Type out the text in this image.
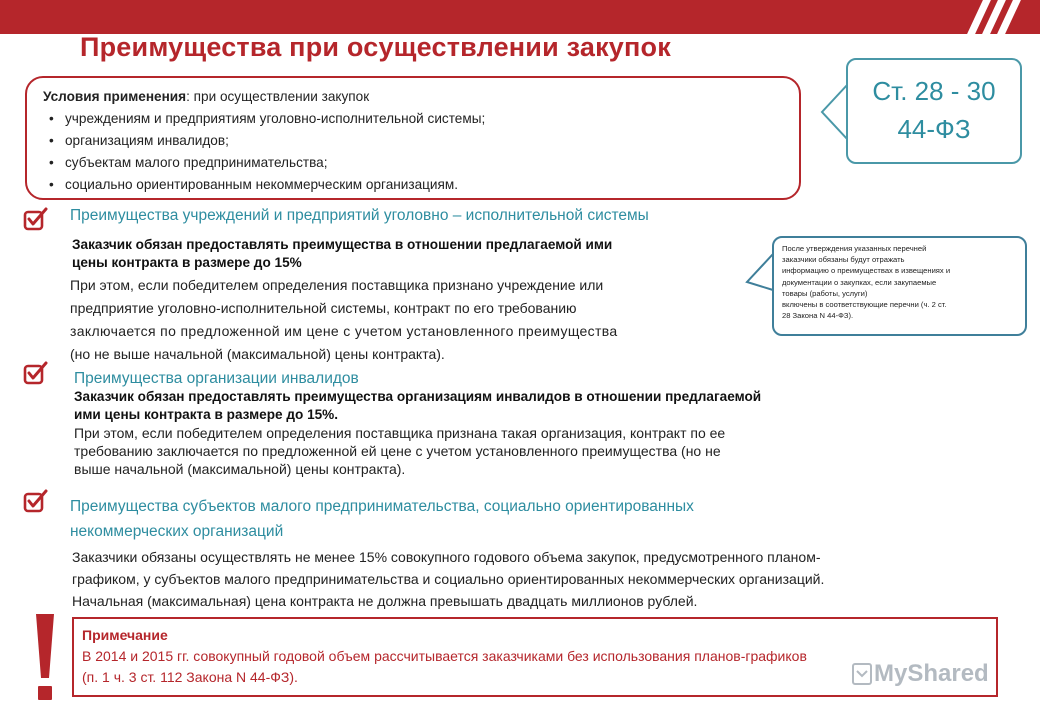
Преимущества при осуществлении закупок
Условия применения: при осуществлении закупок
• учреждениям и предприятиям уголовно-исполнительной системы;
• организациям инвалидов;
• субъектам малого предпринимательства;
• социально ориентированным некоммерческим организациям.
Ст. 28 - 30
44-ФЗ
Преимущества учреждений и предприятий уголовно – исполнительной системы
Заказчик обязан предоставлять преимущества в отношении предлагаемой ими
цены контракта в размере до 15%
При этом, если победителем определения поставщика признано учреждение или
предприятие уголовно-исполнительной системы, контракт по его требованию
заключается по предложенной им цене с учетом установленного преимущества
(но не выше начальной (максимальной) цены контракта).
После утверждения указанных перечней
заказчики обязаны будут отражать
информацию о преимуществах в извещениях и
документации о закупках, если закупаемые
товары (работы, услуги)
включены в соответствующие перечни (ч. 2 ст.
28 Закона N 44-ФЗ).
Преимущества организации инвалидов
Заказчик обязан предоставлять преимущества организациям инвалидов в отношении предлагаемой
ими цены контракта в размере до 15%.
При этом, если победителем определения поставщика признана такая организация, контракт по ее
требованию заключается по предложенной ей цене с учетом установленного преимущества (но не
выше начальной (максимальной) цены контракта).
Преимущества субъектов малого предпринимательства, социально ориентированных
некоммерческих организаций
Заказчики обязаны осуществлять не менее 15% совокупного годового объема закупок, предусмотренного планом-
графиком, у субъектов малого предпринимательства и социально ориентированных некоммерческих организаций.
Начальная (максимальная) цена контракта не должна превышать двадцать миллионов рублей.
Примечание
В 2014 и 2015 гг. совокупный годовой объем рассчитывается заказчиками без использования планов-графиков
(п. 1 ч. 3 ст. 112 Закона N 44-ФЗ).	MyShared
